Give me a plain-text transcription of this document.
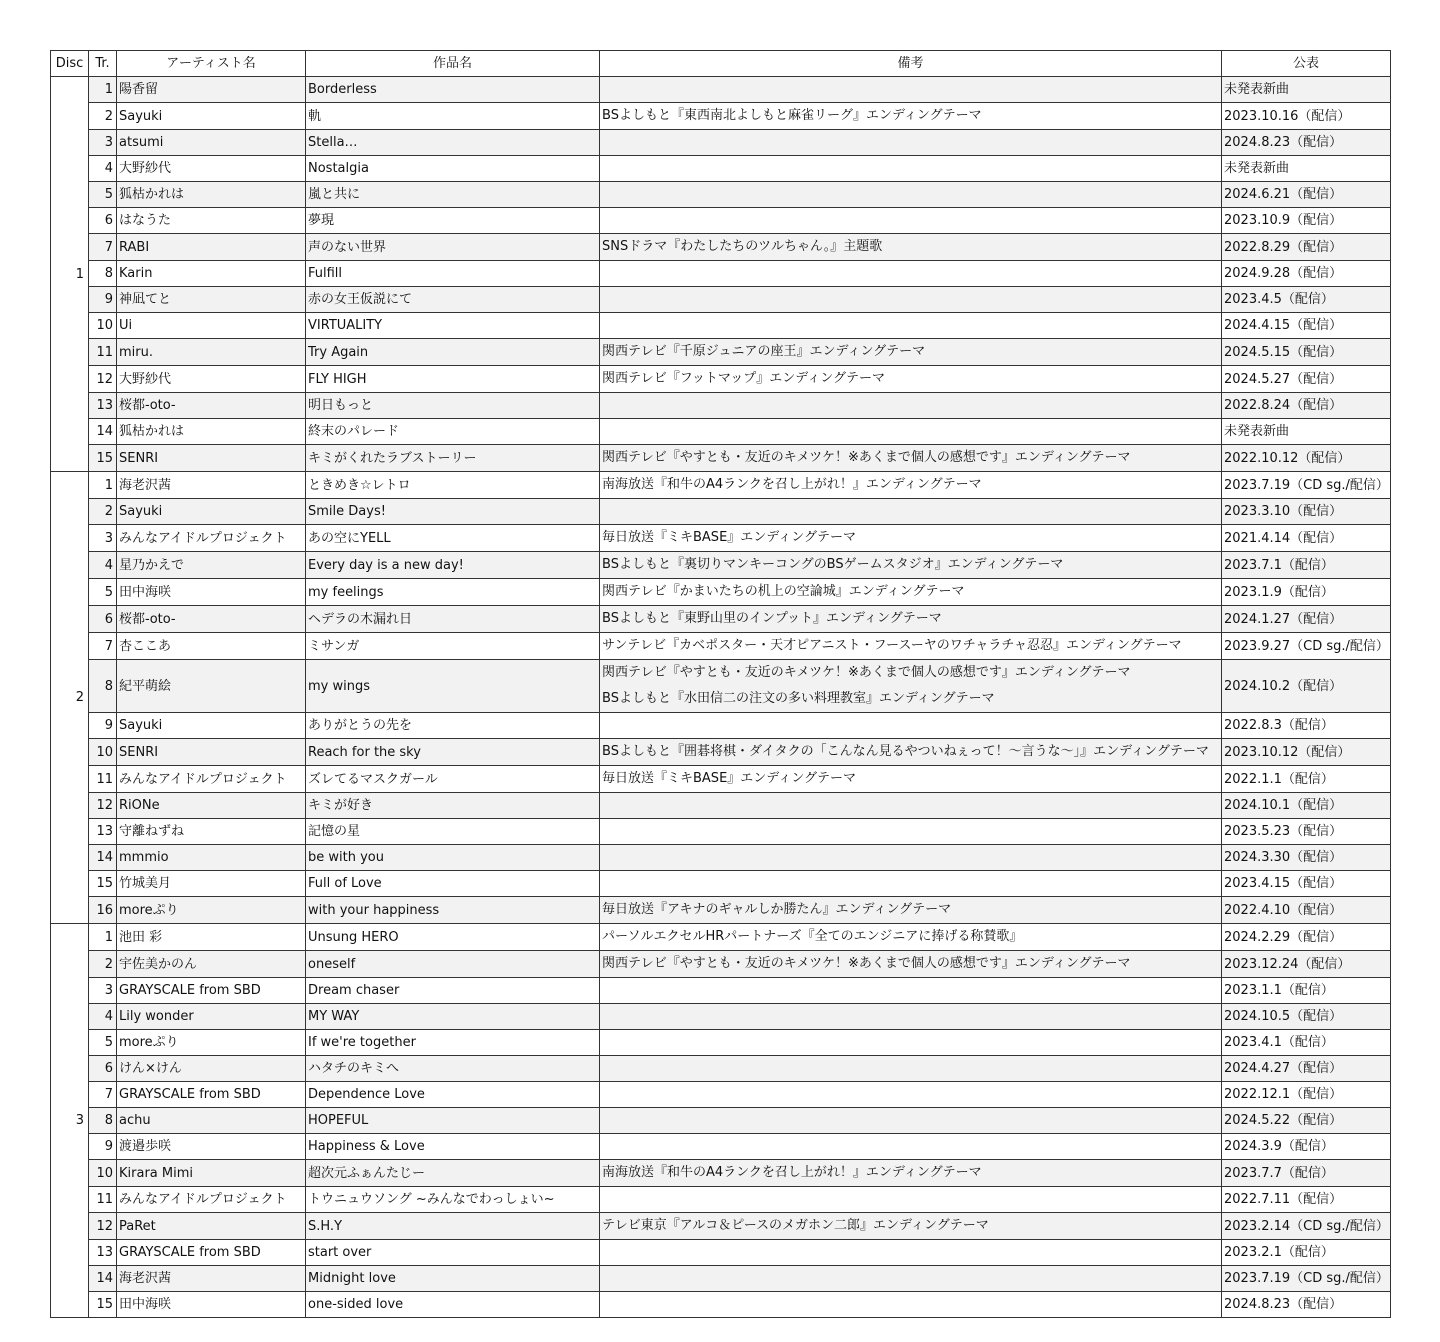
Disc	Tr.	アーティスト名	作品名	備考	公表
1	1	陽香留	Borderless		未発表新曲
	2	Sayuki	軌	BSよしもと『東西南北よしもと麻雀リーグ』エンディングテーマ	2023.10.16（配信）
	3	atsumi	Stella…		2024.8.23（配信）
	4	大野紗代	Nostalgia		未発表新曲
	5	狐枯かれは	嵐と共に		2024.6.21（配信）
	6	はなうた	夢現		2023.10.9（配信）
	7	RABI	声のない世界	SNSドラマ『わたしたちのツルちゃん。』主題歌	2022.8.29（配信）
	8	Karin	Fulfill		2024.9.28（配信）
	9	神凪てと	赤の女王仮説にて		2023.4.5（配信）
	10	Ui	VIRTUALITY		2024.4.15（配信）
	11	miru.	Try Again	関西テレビ『千原ジュニアの座王』エンディングテーマ	2024.5.15（配信）
	12	大野紗代	FLY HIGH	関西テレビ『フットマップ』エンディングテーマ	2024.5.27（配信）
	13	桜都-oto-	明日もっと		2022.8.24（配信）
	14	狐枯かれは	終末のパレード		未発表新曲
	15	SENRI	キミがくれたラブストーリー	関西テレビ『やすとも・友近のキメツケ！※あくまで個人の感想です』エンディングテーマ	2022.10.12（配信）
2	1	海老沢茜	ときめき☆レトロ	南海放送『和牛のA4ランクを召し上がれ！』エンディングテーマ	2023.7.19（CD sg./配信）
	2	Sayuki	Smile Days!		2023.3.10（配信）
	3	みんなアイドルプロジェクト	あの空にYELL	毎日放送『ミキBASE』エンディングテーマ	2021.4.14（配信）
	4	星乃かえで	Every day is a new day!	BSよしもと『裏切りマンキーコングのBSゲームスタジオ』エンディングテーマ	2023.7.1（配信）
	5	田中海咲	my feelings	関西テレビ『かまいたちの机上の空論城』エンディングテーマ	2023.1.9（配信）
	6	桜都-oto-	ヘデラの木漏れ日	BSよしもと『東野山里のインプット』エンディングテーマ	2024.1.27（配信）
	7	杏ここあ	ミサンガ	サンテレビ『カベポスター・天才ピアニスト・フースーヤのワチャラチャ忍忍』エンディングテーマ	2023.9.27（CD sg./配信）
	8	紀平萌絵	my wings	関西テレビ『やすとも・友近のキメツケ！※あくまで個人の感想です』エンディングテーマ
BSよしもと『水田信二の注文の多い料理教室』エンディングテーマ	2024.10.2（配信）
	9	Sayuki	ありがとうの先を		2022.8.3（配信）
	10	SENRI	Reach for the sky	BSよしもと『囲碁将棋・ダイタクの「こんなん見るやついねぇって！～言うな～」』エンディングテーマ	2023.10.12（配信）
	11	みんなアイドルプロジェクト	ズレてるマスクガール	毎日放送『ミキBASE』エンディングテーマ	2022.1.1（配信）
	12	RiONe	キミが好き		2024.10.1（配信）
	13	守離ねずね	記憶の星		2023.5.23（配信）
	14	mmmio	be with you		2024.3.30（配信）
	15	竹城美月	Full of Love		2023.4.15（配信）
	16	moreぷり	with your happiness	毎日放送『アキナのギャルしか勝たん』エンディングテーマ	2022.4.10（配信）
3	1	池田 彩	Unsung HERO	パーソルエクセルHRパートナーズ『全てのエンジニアに捧げる称賛歌』	2024.2.29（配信）
	2	宇佐美かのん	oneself	関西テレビ『やすとも・友近のキメツケ！※あくまで個人の感想です』エンディングテーマ	2023.12.24（配信）
	3	GRAYSCALE from SBD	Dream chaser		2023.1.1（配信）
	4	Lily wonder	MY WAY		2024.10.5（配信）
	5	moreぷり	If we're together		2023.4.1（配信）
	6	けん×けん	ハタチのキミへ		2024.4.27（配信）
	7	GRAYSCALE from SBD	Dependence Love		2022.12.1（配信）
	8	achu	HOPEFUL		2024.5.22（配信）
	9	渡邉歩咲	Happiness & Love		2024.3.9（配信）
	10	Kirara Mimi	超次元ふぁんたじー	南海放送『和牛のA4ランクを召し上がれ！』エンディングテーマ	2023.7.7（配信）
	11	みんなアイドルプロジェクト	トウニュウソング ~みんなでわっしょい~		2022.7.11（配信）
	12	PaRet	S.H.Y	テレビ東京『アルコ＆ピースのメガホン二郎』エンディングテーマ	2023.2.14（CD sg./配信）
	13	GRAYSCALE from SBD	start over		2023.2.1（配信）
	14	海老沢茜	Midnight love		2023.7.19（CD sg./配信）
	15	田中海咲	one-sided love		2024.8.23（配信）
